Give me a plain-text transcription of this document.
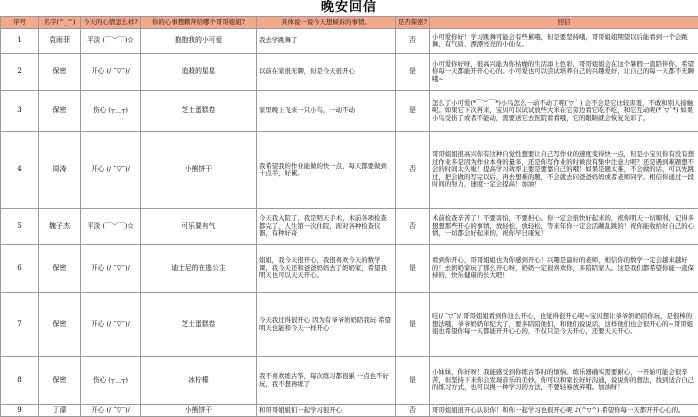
晚安回信
序号	名字(^_^)	今天的心情怎么样?	你的心事想赖拜给哪个哥哥姐姐?	具体说一说今天想倾诉的事情。	是否保密?	回信
1	袁雨菲	平淡 (￣︶￣)☆	抱抱我的小可爱	我去学跳舞了	否	小可爱你好！学习跳舞可能会有些累哦，但是要坚持哦，哥哥姐姐期望以后能看到一个会跳舞、有气质、漂漂亮亮的小仙女。
2	保密	开心 (/ ˘▽˘)/	追殺的星星	以前在家很无聊，但是今天很开心	是	小可爱你好呀，很高兴能为你枯燥的生活添上色彩，哥哥姐姐会在这个暑假一直陪伴你，希望你每一天都能开开心心的。小可爱也可以尝试培养自己的兴趣爱好，让自己的每一天都不无聊哦~
3	保密	伤心 (┬＿┬)	芝士蛋糕卷	家里晚上飞来一只小鸟，一动不动	是	怎么了小可爱(*￣︶￣*)小鸟怎么一动不动了呢(′▽｀) 会不会是它比较害羞，不敢和别人接触呢。如果它下次再来，宝贝可以试试放些大米在它旁边看它吃不吃，和它互动呢(*´▽`*) 如果小鸟受伤了或者不能动，需要送它去医院看看哦，它的眼睛就会恢复光彩了。
4	周涛	开心 (/ ˘▽˘)/	小熊饼干	我希望我的作业能做的快一点，每天都要做到十点半，好累。	否	哥哥姐姐很高兴你有这种自觉性想要让自己写作业的速度变得快一点，但是小宝贝你有没有想过作业多是因为作业本身的量多，还是你写作业的时候没有集中注意力呢？还是遇到难题想不会的时间太久啦！提高学习效率主要是要靠自己的哦！如果是题太难，不会做的话，可以先跳过，把会做的写完以后，再去想难的题，不会就去问爸爸妈妈或者老师同学。相信你通过一段时间的努力，速度一定会提高！加油！
5	魏子杰	平淡 (￣︶￣)☆	可乐要有气	今天我入院了，我是明天手术，术前各项检查都完了，人生第一次住院，面对各种检查仪器，有种好奇	否	术前检查辛苦了！不要害怕，不要担心。你一定会很快好起来的，祝你明天一切顺利，记得多想想那些开心的事情，放轻松，放轻松，等来年你一定会活蹦乱跳的！祝你能收拾好自己的心情，一切都会好起来的，祝你早日康复！
6	保密	开心 (/ ˘▽˘)/	迪士尼的在逃公主	姐姐，我今天很开心，我很喜欢今天的数学课，我今天还和爸爸妈妈去了奶奶家，希望我明天也可以天天开心。	是	看到你开心，哥哥姐姐也为你感到开心！兴趣是最好的老师，相信你的数学一定会越来越好的！去奶奶家玩了那么开心呀，奶奶一定很喜欢你，多陪陪家人。这是我们都希望你能一直保持的，快乐健康的长大吧！
7	保密	开心 (/ ˘▽˘)/	芝士蛋糕卷	今天我过得很开心 因为有爷爷奶奶陪我玩 希望明天也能和今天一样开心	是	哇(/ ˘▽˘)/ 哥哥姐姐看到你这么开心，也觉得很开心呢~宝贝想让爷爷奶奶陪你玩，是很棒的想法哦，爷爷奶奶年纪大了，要多陪陪他们，和他们说说话，这样他们也会很开心的~哥哥姐姐也希望你每一天都能开开心心的，不仅只是今天开心，还要天天开心。
8	保密	伤心 (┬＿┬)	冰柠檬	我不喜欢练古筝，每次练习都很累 一点也不好玩，我不想再练了	是	小妹妹，你好呀！我能感受到你练古筝时的烦恼。练乐器确实需要耐心，一开始可能会很辛苦，但坚持下来你会发现音乐的美妙。你可以和家长好好沟通，说说你的想法，找到适合自己的练习方式，也可以换一种学习的方法，不要轻易放弃哦。加油呀！
9	丁濛	开心 (/ ˘▽˘)/	小熊饼干	和哥哥姐姐们一起学习很开心	否	哥哥姐姐很开心认识你！和你一起学习也很开心呢 ♪(^▽^) 希望你每一天都开开心心的。
